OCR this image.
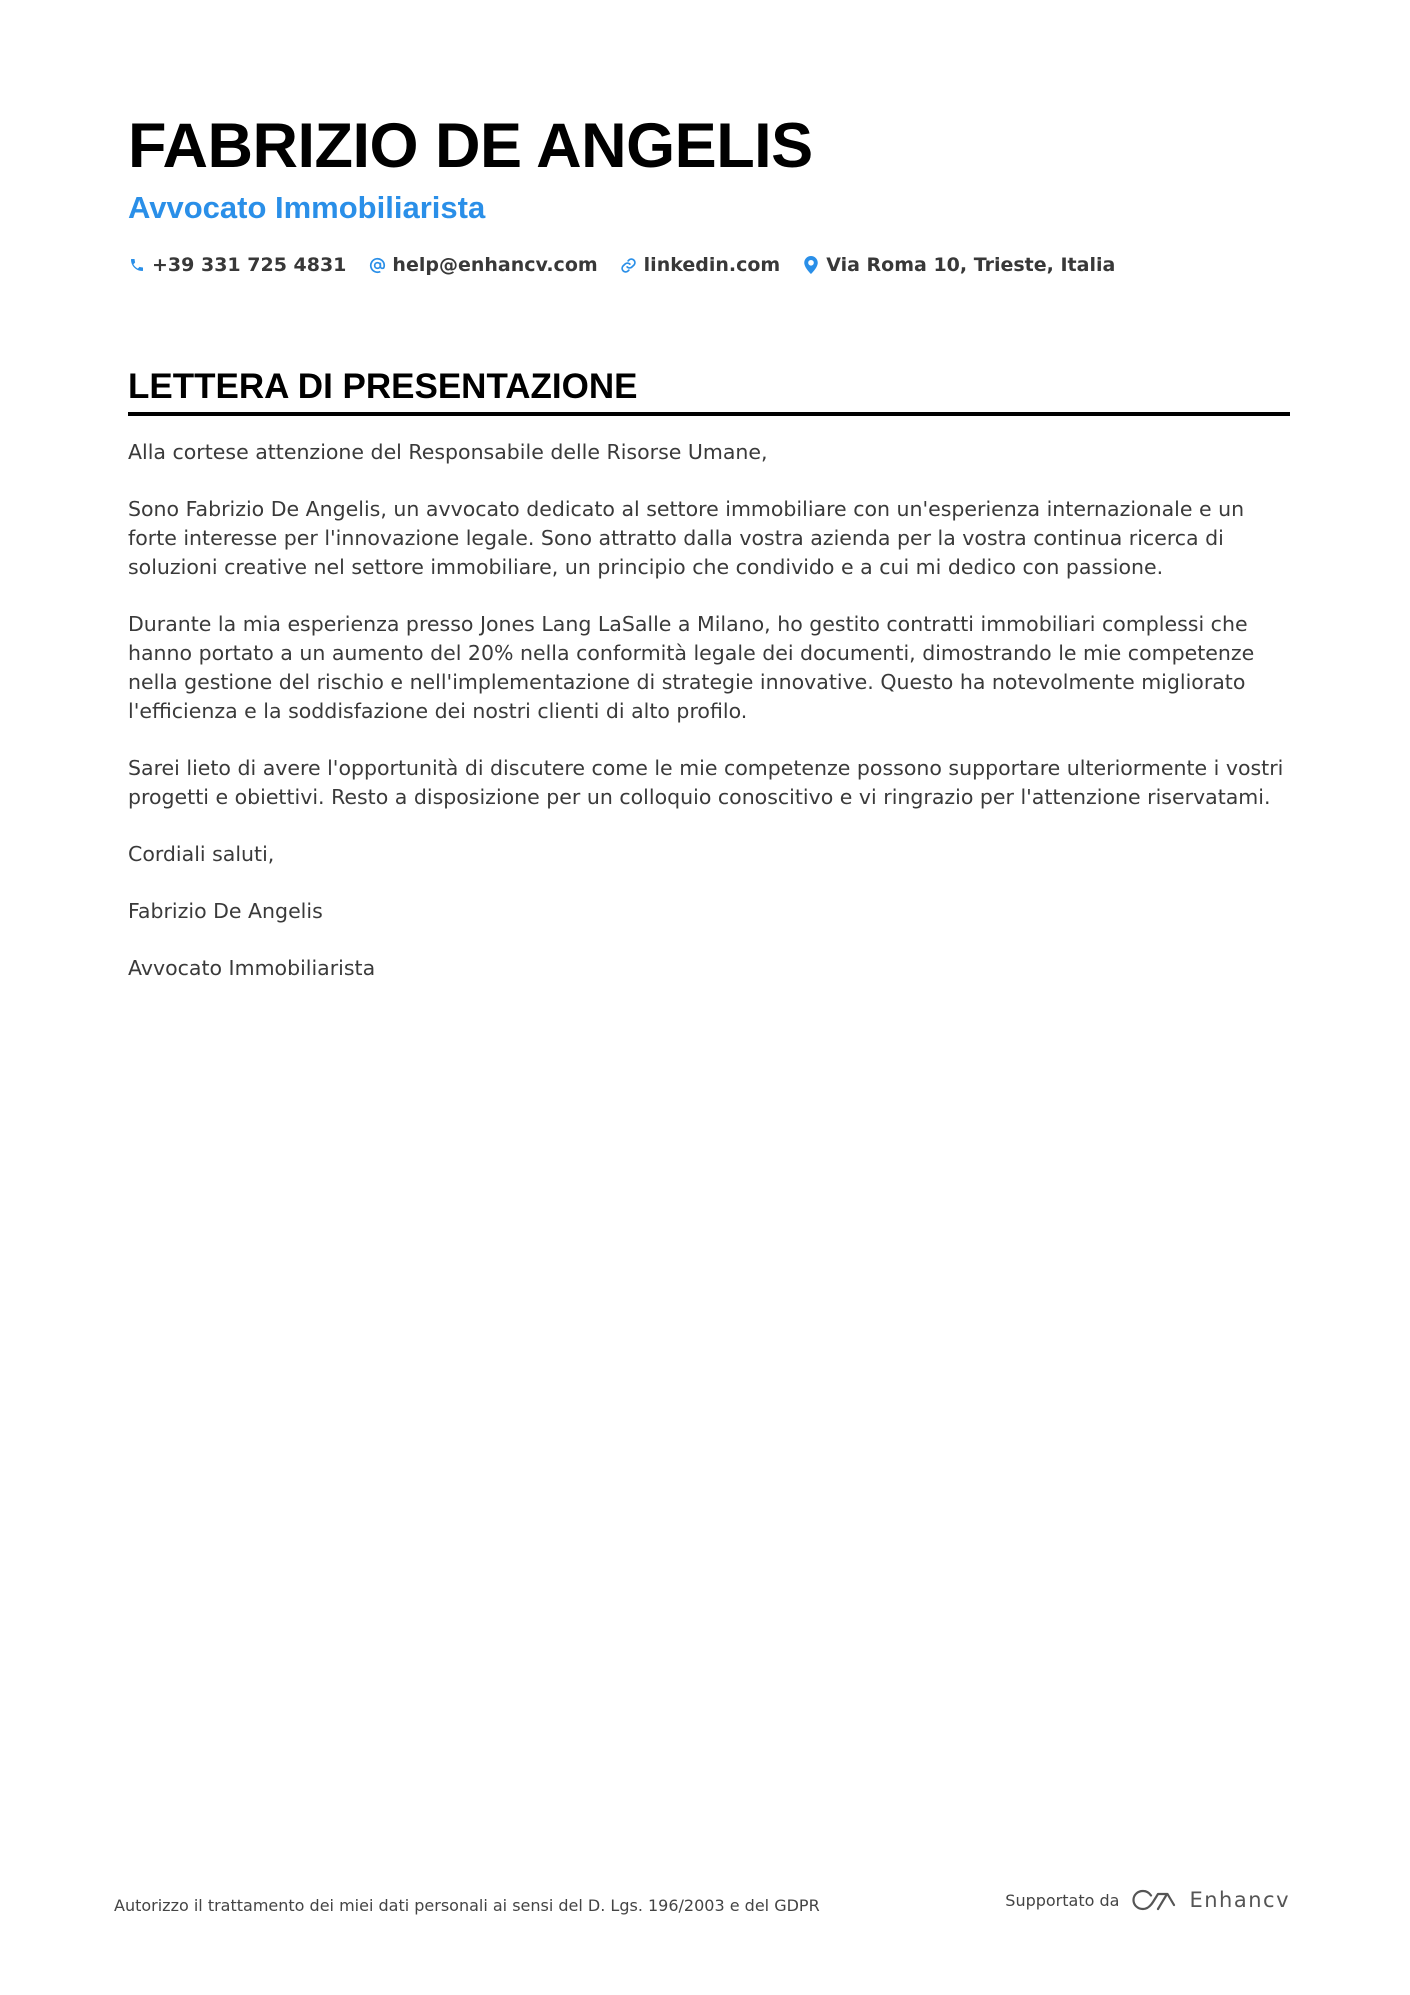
FABRIZIO DE ANGELIS
Avvocato Immobiliarista
+39 331 725 4831 help@enhancv.com linkedin.com Via Roma 10, Trieste, Italia
LETTERA DI PRESENTAZIONE

Alla cortese attenzione del Responsabile delle Risorse Umane,

Sono Fabrizio De Angelis, un avvocato dedicato al settore immobiliare con un'esperienza internazionale e un forte interesse per l'innovazione legale. Sono attratto dalla vostra azienda per la vostra continua ricerca di soluzioni creative nel settore immobiliare, un principio che condivido e a cui mi dedico con passione.

Durante la mia esperienza presso Jones Lang LaSalle a Milano, ho gestito contratti immobiliari complessi che hanno portato a un aumento del 20% nella conformità legale dei documenti, dimostrando le mie competenze nella gestione del rischio e nell'implementazione di strategie innovative. Questo ha notevolmente migliorato l'efficienza e la soddisfazione dei nostri clienti di alto profilo.

Sarei lieto di avere l'opportunità di discutere come le mie competenze possono supportare ulteriormente i vostri progetti e obiettivi. Resto a disposizione per un colloquio conoscitivo e vi ringrazio per l'attenzione riservatami.

Cordiali saluti,

Fabrizio De Angelis

Avvocato Immobiliarista

Autorizzo il trattamento dei miei dati personali ai sensi del D. Lgs. 196/2003 e del GDPR	Supportato da	Enhancv
